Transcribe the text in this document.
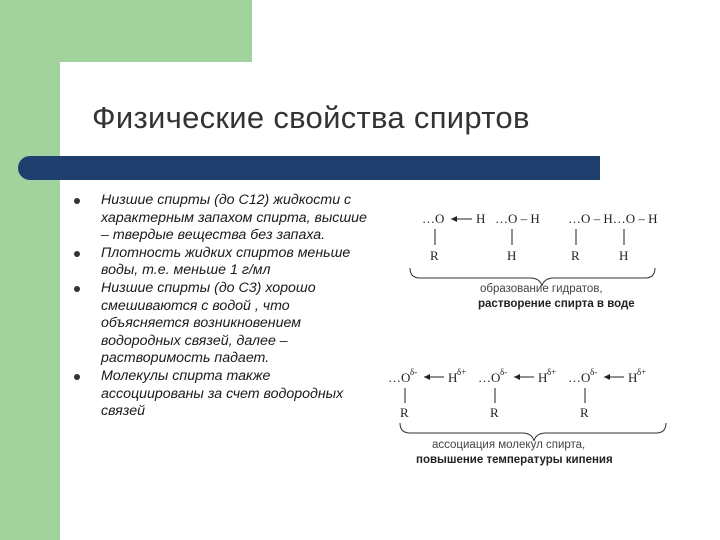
Физические свойства спиртов
Низшие спирты (до С12) жидкости с характерным запахом спирта, высшие – твердые вещества без запаха.
Плотность жидких спиртов меньше воды, т.е. меньше 1 г/мл
Низшие спирты (до С3) хорошо смешиваются с водой , что объясняется возникновением водородных связей, далее – растворимость падает.
Молекулы спирта также ассоциированы за счет водородных связей
…O H …O – H …O – H…O – H
R	H	R	H
образование гидратов,
растворение спирта в воде
…O δ- H δ+ …O δ- H δ+ …O δ- H δ+
R	R	R
ассоциация молекул спирта,
повышение температуры кипения
